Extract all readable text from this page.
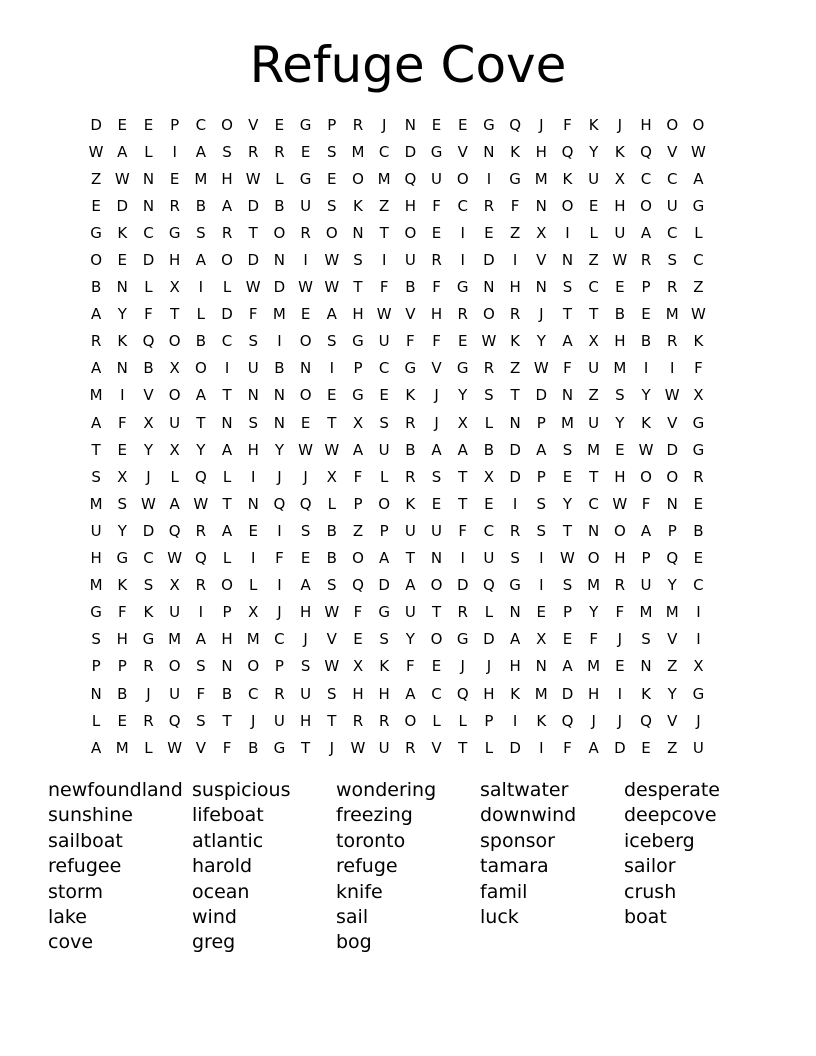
Refuge Cove
D	E	E	P	C	O	V	E	G	P	R	J	N	E	E	G Q	J	F	K	J	H O O
W A	L	I	A	S	R	R	E	S M C	D G	V	N	K	H Q	Y	K	Q	V W
Z W N	E M H W L	G	E	O M Q U O	I	G M K	U	X	C	C	A
E	D N	R	B	A	D	B	U	S	K	Z	H	F	C	R	F	N O	E	H O U G
G	K	C	G	S	R	T	O	R	O N	T	O	E	I	E	Z	X	I	L	U	A	C	L
O	E	D H	A	O D N	I	W S	I	U	R	I	D	I	V	N	Z W R	S	C
B	N	L	X	I	L W D W W T	F	B	F	G N H N	S	C	E	P	R	Z
A	Y	F	T	L	D	F	M E	A	H W V	H	R	O	R	J	T	T	B	E M W
R	K	Q O	B	C	S	I	O	S	G U	F	F	E W K	Y	A	X	H	B	R	K
A	N	B	X	O	I	U	B	N	I	P	C	G	V	G	R	Z W F	U M	I	I	F
M	I	V	O	A	T	N N O	E	G	E	K	J	Y	S	T	D N	Z	S	Y W X
A	F	X	U	T	N	S	N	E	T	X	S	R	J	X	L	N	P	M U	Y	K	V	G
T	E	Y	X	Y	A	H	Y W W A	U	B	A	A	B	D	A	S M E W D G
S	X	J	L	Q	L	I	J	J	X	F	L	R	S	T	X	D	P	E	T	H O O	R
M S W A W T	N Q Q	L	P	O	K	E	T	E	I	S	Y	C W F	N	E
U	Y	D Q	R	A	E	I	S	B	Z	P	U	U	F	C	R	S	T	N O	A	P	B
H G	C W Q	L	I	F	E	B	O	A	T	N	I	U	S	I	W O H	P	Q	E
M K	S	X	R	O	L	I	A	S	Q D	A	O D Q G	I	S M R	U	Y	C
G	F	K	U	I	P	X	J	H W F	G U	T	R	L	N	E	P	Y	F	M M	I
S	H G M A	H M C	J	V	E	S	Y	O G D	A	X	E	F	J	S	V	I
P	P	R	O	S	N O	P	S W X	K	F	E	J	J	H N	A M E	N	Z	X
N	B	J	U	F	B	C	R	U	S	H H	A	C	Q H	K M D H	I	K	Y	G
L	E	R	Q	S	T	J	U	H	T	R	R	O	L	L	P	I	K	Q	J	J	Q	V	J
A M	L W V	F	B	G	T	J	W U	R	V	T	L	D	I	F	A	D	E	Z	U
newfoundland
sunshine
sailboat
refugee
storm
lake
cove
suspicious
lifeboat
atlantic
harold
ocean
wind
greg
wondering
freezing
toronto
refuge
knife
sail
bog
saltwater
downwind
sponsor
tamara
famil
luck
desperate
deepcove
iceberg
sailor
crush
boat
